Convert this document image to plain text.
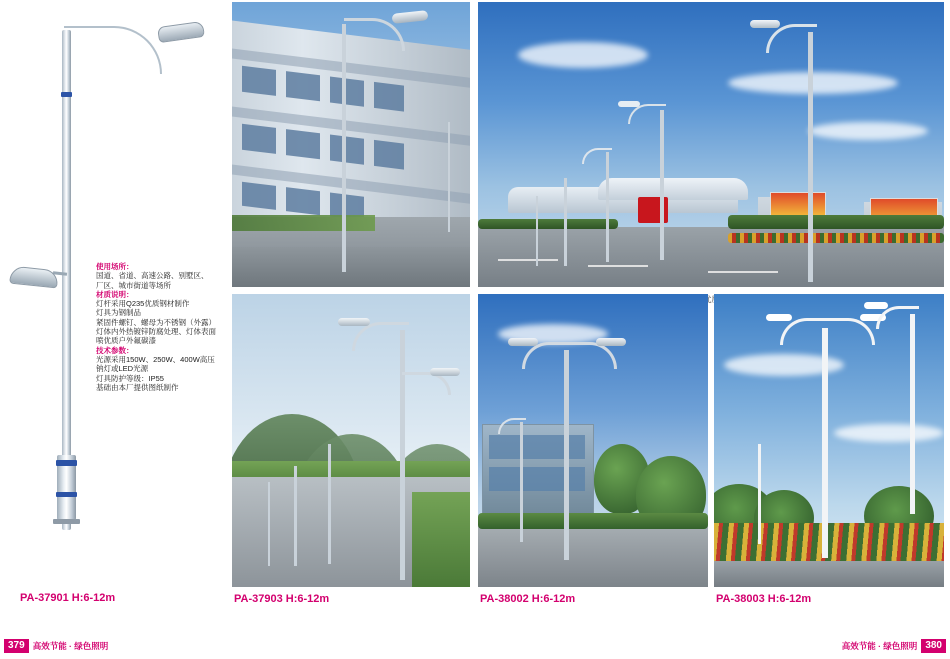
使用场所：
国道、省道、高速公路、别墅区、
厂区、城市街道等场所
材质说明：
灯杆采用Q235优质钢材制作
灯具为钢制品
紧固件螺钉、螺母为不锈钢（外露）
灯体内外热镀锌防腐处理、灯体表面
喷优质户外氟碳漆
技术参数：
光源采用150W、250W、400W高压
钠灯或LED光源
灯具防护等级：IP55
基础由本厂提供图纸制作
PA-37901 H:6-12m	PA-37903 H:6-12m	PA-38002 H:6-12m	PA-38003 H:6-12m
379 高效节能 · 绿色照明	高效节能 · 绿色照明 380
